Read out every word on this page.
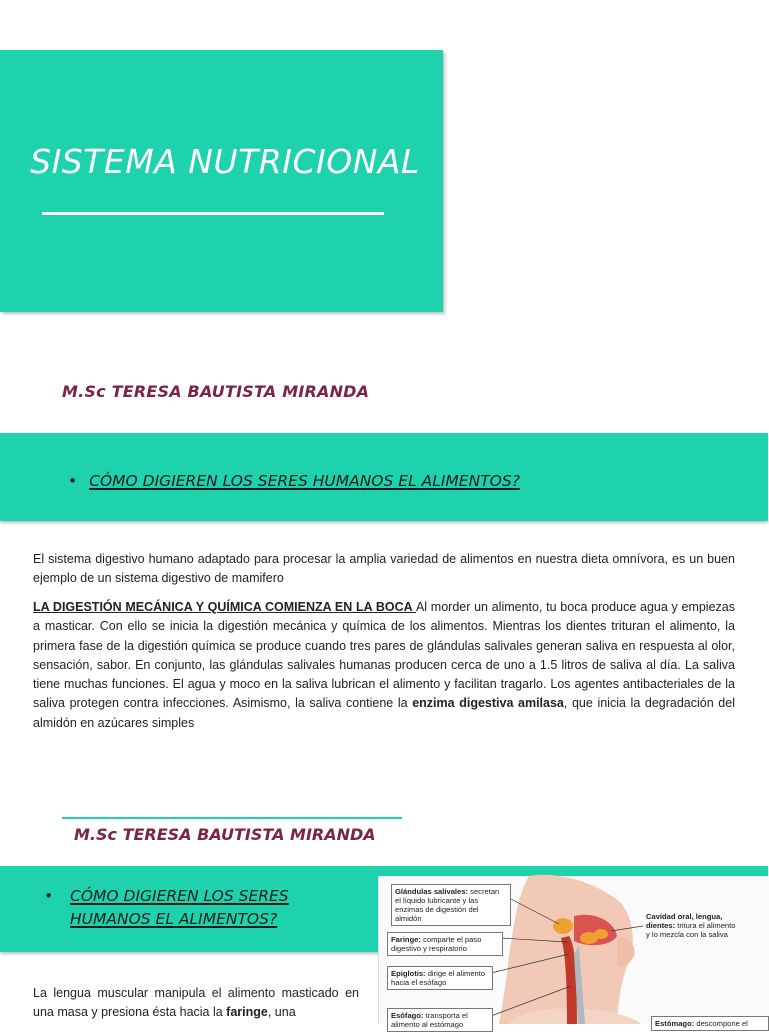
SISTEMA NUTRICIONAL
M.Sc TERESA BAUTISTA MIRANDA
• CÓMO DIGIEREN LOS SERES HUMANOS EL ALIMENTOS?
El sistema digestivo humano adaptado para procesar la amplia variedad de alimentos en nuestra dieta omnívora, es un buen ejemplo de un sistema digestivo de mamifero
LA DIGESTIÓN MECÁNICA Y QUÍMICA COMIENZA EN LA BOCA Al morder un alimento, tu boca produce agua y empiezas a masticar. Con ello se inicia la digestión mecánica y química de los alimentos. Mientras los dientes trituran el alimento, la primera fase de la digestión química se produce cuando tres pares de glándulas salivales generan saliva en respuesta al olor, sensación, sabor. En conjunto, las glándulas salivales humanas producen cerca de uno a 1.5 litros de saliva al día. La saliva tiene muchas funciones. El agua y moco en la saliva lubrican el alimento y facilitan tragarlo. Los agentes antibacteriales de la saliva protegen contra infecciones. Asimismo, la saliva contiene la enzima digestiva amilasa, que inicia la degradación del almidón en azúcares simples
M.Sc TERESA BAUTISTA MIRANDA
•	CÓMO DIGIEREN LOS SERES HUMANOS EL ALIMENTOS?
La lengua muscular manipula el alimento masticado en una masa y presiona ésta hacia la faringe, una
Glándulas salivales: secretan el líquido lubricante y las enzimas de digestión del almidón
Faringe: comparte el paso digestivo y respiratorio
Epiglotis: dirige el alimento hacia el esófago
Esófago: transporta el alimento al estómago
Cavidad oral, lengua, dientes: tritura el alimento y lo mezcla con la saliva
Estómago: descompone el
